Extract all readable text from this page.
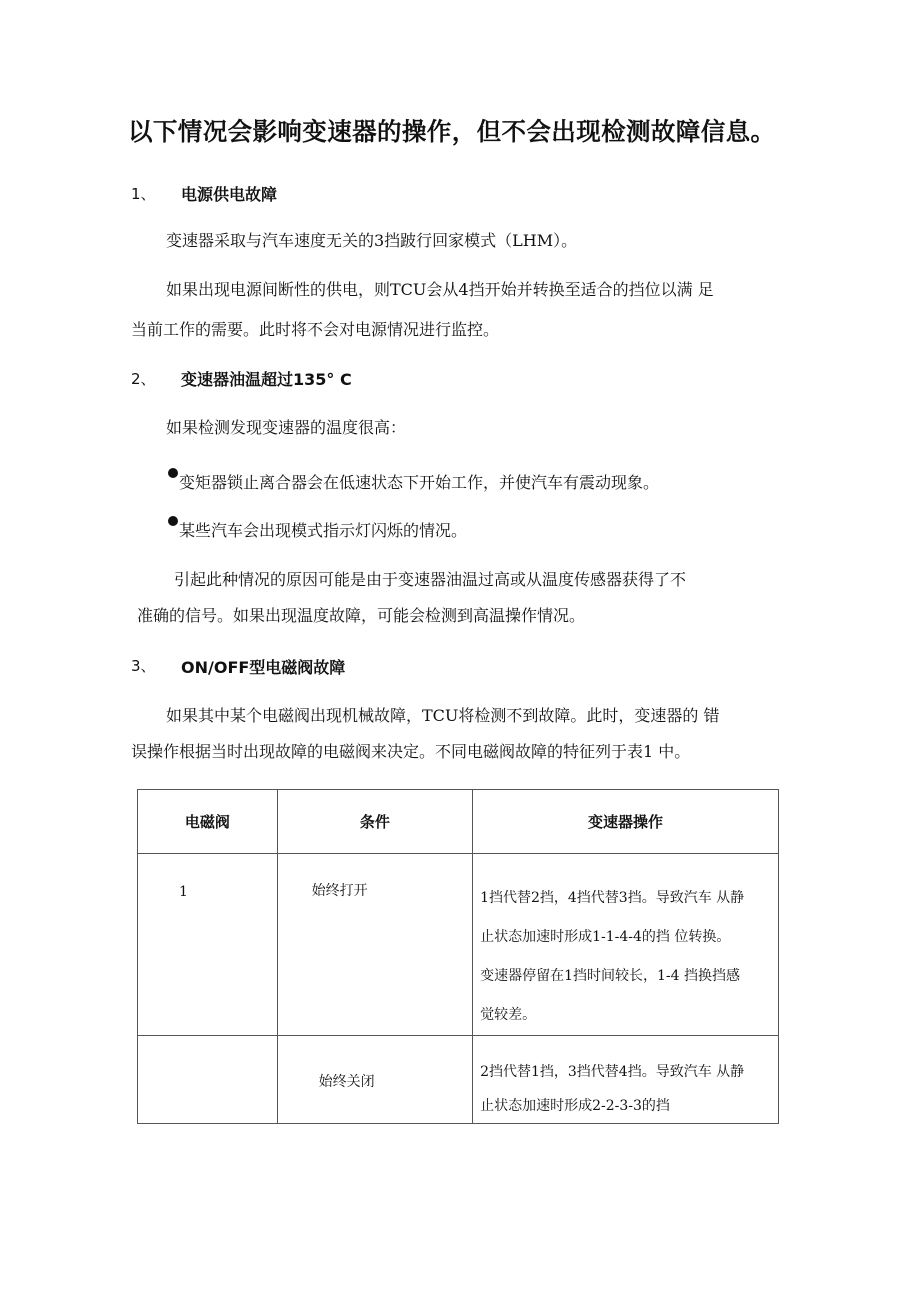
以下情况会影响变速器的操作，但不会出现检测故障信息。
1、 电源供电故障
变速器采取与汽车速度无关的3挡跛行回家模式（LHM）。
如果出现电源间断性的供电，则TCU会从4挡开始并转换至适合的挡位以满 足
当前工作的需要。此时将不会对电源情况进行监控。
2、 变速器油温超过135° C
如果检测发现变速器的温度很高：
变矩器锁止离合器会在低速状态下开始工作，并使汽车有震动现象。
某些汽车会出现模式指示灯闪烁的情况。
引起此种情况的原因可能是由于变速器油温过高或从温度传感器获得了不
准确的信号。如果出现温度故障，可能会检测到高温操作情况。
3、 ON/OFF型电磁阀故障
如果其中某个电磁阀出现机械故障，TCU将检测不到故障。此时，变速器的 错
误操作根据当时出现故障的电磁阀来决定。不同电磁阀故障的特征列于表1 中。
电磁阀	条件	变速器操作

1	始终打开	1挡代替2挡，4挡代替3挡。导致汽车 从静
止状态加速时形成1-1-4-4的挡 位转换。
变速器停留在1挡时间较长，1-4 挡换挡感
觉较差。

	始终关闭	2挡代替1挡，3挡代替4挡。导致汽车 从静
止状态加速时形成2-2-3-3的挡
